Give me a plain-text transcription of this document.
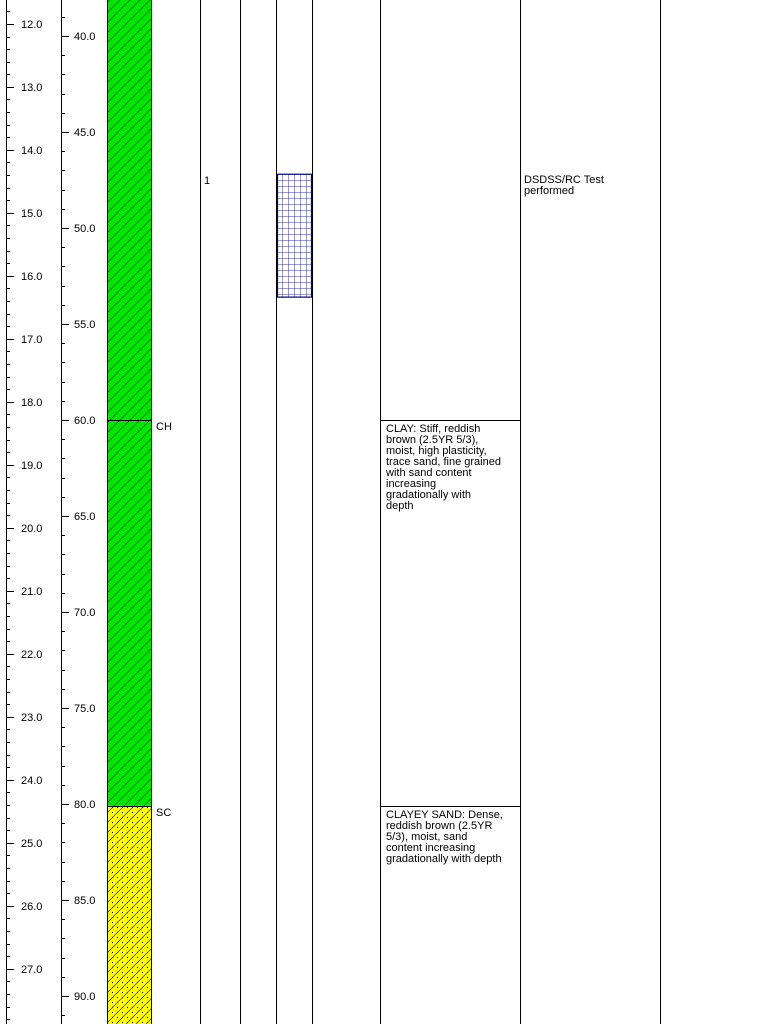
12.0
13.0
14.0
15.0
16.0
17.0
18.0
19.0
20.0
21.0
22.0
23.0
24.0
25.0
26.0
27.0
40.0
45.0
50.0
55.0
60.0
65.0
70.0
75.0
80.0
85.0
90.0
CH
SC
1
CLAY: Stiff, reddish
brown (2.5YR 5/3),
moist, high plasticity,
trace sand, fine grained
with sand content
increasing
gradationally with
depth
CLAYEY SAND: Dense,
reddish brown (2.5YR
5/3), moist, sand
content increasing
gradationally with depth
DSDSS/RC Test
performed
